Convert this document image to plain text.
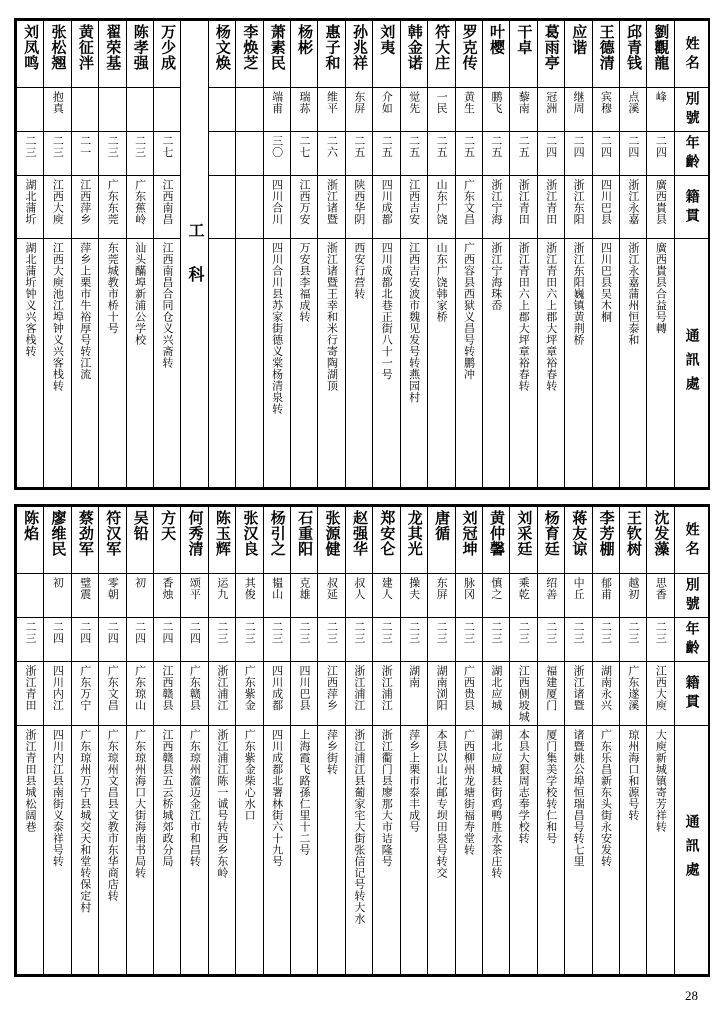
刘凤鸣	张松翘	黄征泮	翟荣基	陈孝强	万少成	工　科	杨文焕	李焕芝	萧素民	杨彬	惠子和	孙兆祥	刘夷	韩金诺	符大庄	罗克传	叶樱	干卓	葛雨亭	应谐	王德清	邱青钱	劉觀龍	姓名

	抱真								端甫	瑞荪	维平	东屏	介如	觉先	一民	黄生	鹏飞	藜南	冠洲	继周	宾穆	点溪	峰	別號

二三	二三	二一	二三	二三	二七				三〇	二七	二六	二五	二五	二五	二五	二五	二五	二五	二四	二四	二四	二四	二四	年齡

湖北蒲圻	江西大庾	江西萍乡	广东东莞	广东蕉岭	江西南昌				四川合川	江西万安	浙江诸暨	陕西华阴	四川成都	江西吉安	山东广饶	广东文昌	浙江宁海	浙江青田	浙江青田	浙江东阳	四川巴县	浙江永嘉	廣西貴县	籍貫

湖北蒲圻钟义兴客栈转	江西大庾池江埠钟义兴客栈转	萍乡上栗市牛裕厚号转江流	东莞城教市桥十号	汕头䤍埠新浦公学校	江西南昌合同仓义兴斋转				四川合川县苏家街德义棠杨清泉转	万安县李福成转	浙江诸暨王幸和米行寄陶湖顶	西安行营转	四川成都北巷正街八十一号	江西吉安波市魏见发号转燕园村	山东广饶韩家桥	广西容县西狱义昌号转鹏冲	浙江宁海珠岙	浙江青田六上郡大坪章裕春转	浙江青田六上郡大坪章裕春转	浙江东阳巍镇黄荆桥	四川巴县吴木桐	浙江永嘉蒲州恒泰和	廣西貴县合益号轉	通訊處
陈焰	廖维民	蔡劲军	符汉军	吴铅	方天	何秀清	陈玉辉	张汉良	杨引之	石重阳	张源健	赵强华	郑安仑	龙其光	唐循	刘冠坤	黄仲馨	刘采廷	杨育廷	蒋友谅	李芳棚	王钦树	沈发藻	姓名

	初	璧震	零朝	初	香烛	颂平	运九	其俊	韫山	克雄	叔延	叔人	建人	操夫	东屏	脉冈	慎之	乘乾	绍善	中丘	郁甫	越初	思香	別號

二三	二四	二四	二四	二四	二四	二四	二三	二三	二三	二三	二三	二三	二三	二三	二三	二三	二三	二三	二三	二三	二三	二三	二三	年齡

浙江青田	四川内江	广东万宁	广东文昌	广东琼山	江西赣县	广东赣县	浙江浦江	广东紫金	四川成都	四川巴县	江西萍乡	浙江浦江	浙江浦江	湖南	湖南浏阳	广西贵县	湖北应城	江西侧坡城	福建厦门	浙江诸暨	湖南永兴	广东遂溪	江西大庾	籍貫

浙江青田县城松阔巷	四川内江县南街义泰祥号转	广东琼州万宁县城交天和堂转保定村	广东琼州文昌县文教市东华商店转	广东琼州海口大街海南书局转	江西赣县五云桥城郊政分局	广东琼州澹迈金江市和昌转	浙江浦江陈一诚号转西乡东岭	广东紫金柴心水口	四川成都北署林街六十九号	上海霞飞路孫仁里十二号	萍乡街转	浙江浦江县葡家宅大街张信记号转大水	浙江衢门县廖那大市诘隆号	萍乡上栗市泰丰成号	本县以山北邮专坝田泉号转交	广西柳州龙塘街福寿堂转	湖北应城县街鸡鸭胜永茶庄转	本县大狠周志奉学校转	厦门集美学校转仁和号	诸暨姚公埠恒瑞昌号转七里	广东乐昌新东头街永安发转	琼州海口和源号转	大庾新城镇寄芳祥转	通訊處
28
